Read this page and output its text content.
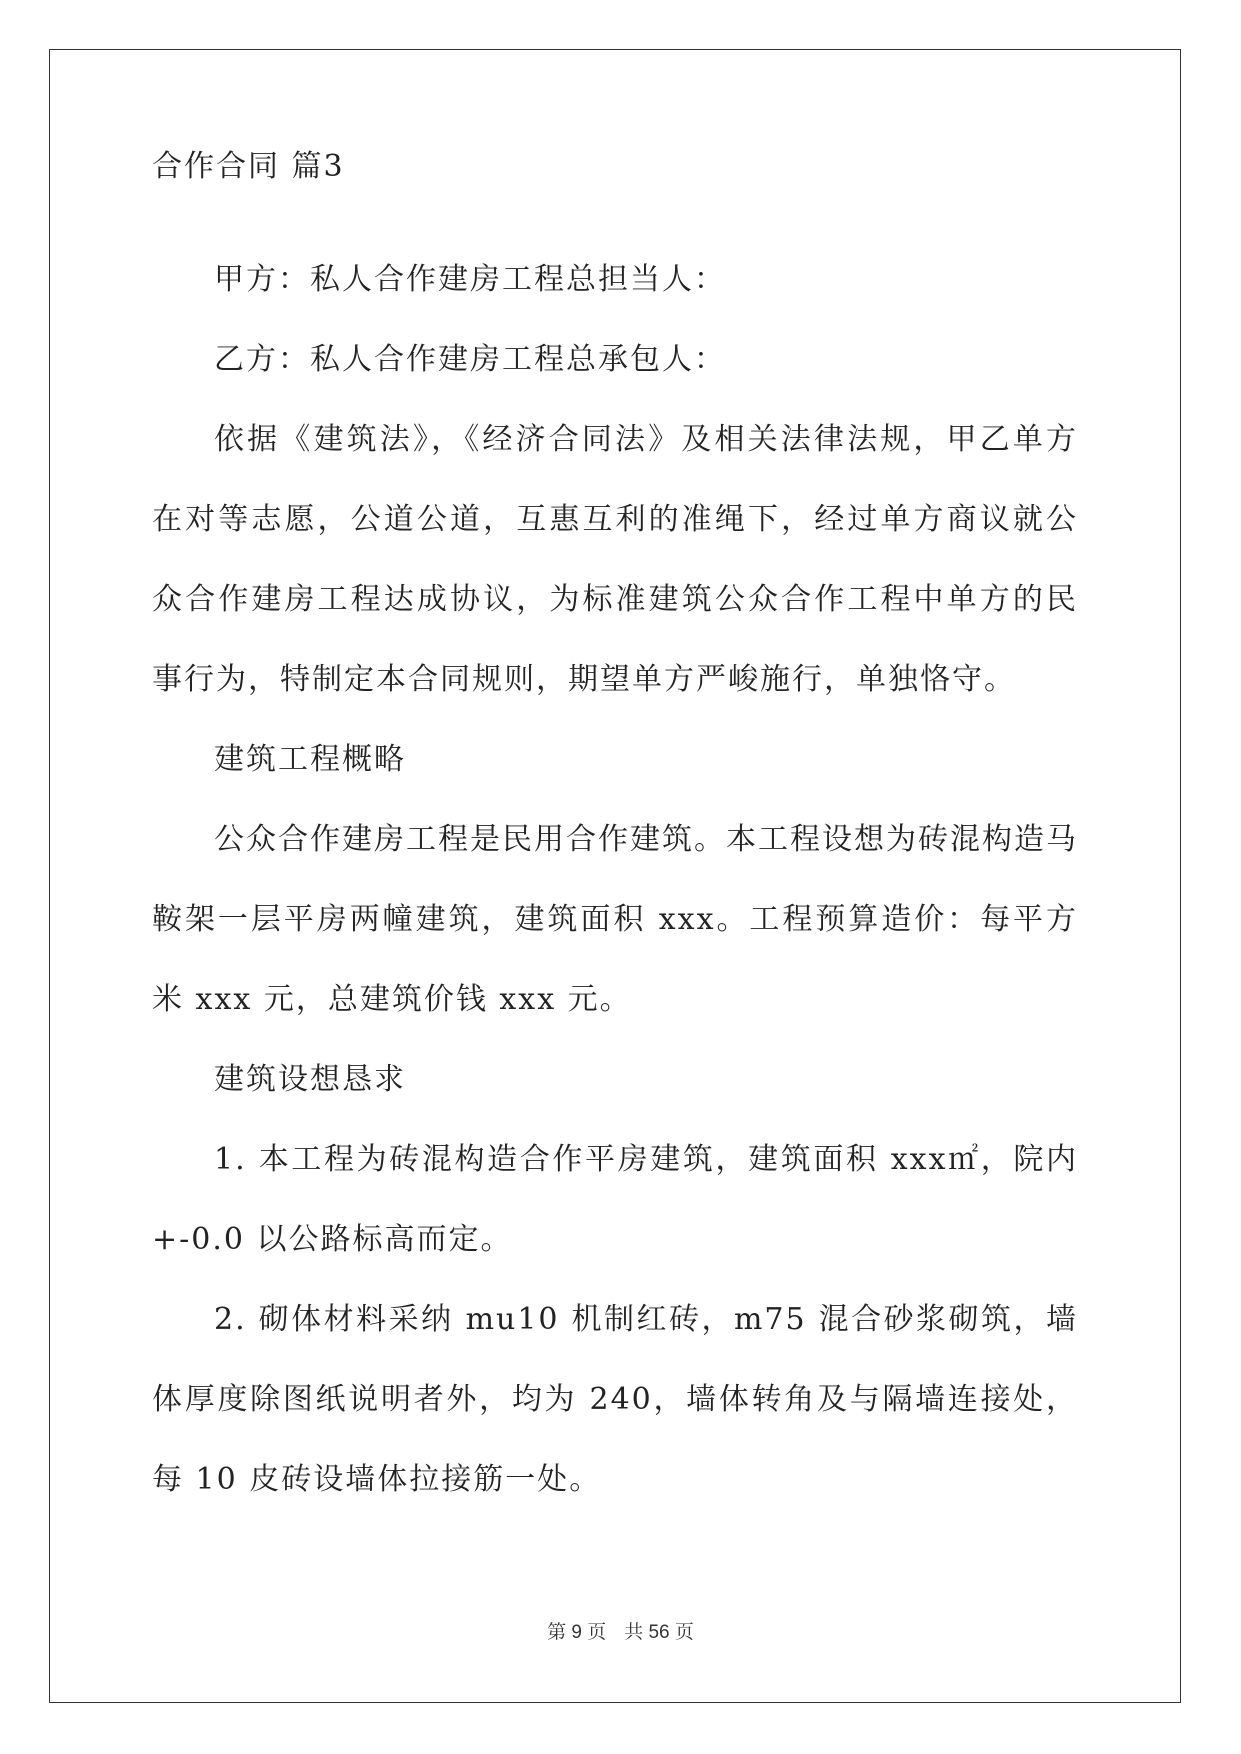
合作合同 篇3

甲方：私人合作建房工程总担当人：

乙方：私人合作建房工程总承包人：

依据《建筑法》，《经济合同法》及相关法律法规，甲乙单方在对等志愿，公道公道，互惠互利的准绳下，经过单方商议就公众合作建房工程达成协议，为标准建筑公众合作工程中单方的民事行为，特制定本合同规则，期望单方严峻施行，单独恪守。

建筑工程概略

公众合作建房工程是民用合作建筑。本工程设想为砖混构造马鞍架一层平房两幢建筑，建筑面积 xxx。工程预算造价：每平方米 xxx 元，总建筑价钱 xxx 元。

建筑设想恳求

1. 本工程为砖混构造合作平房建筑，建筑面积 xxx㎡，院内+-0.0 以公路标高而定。

2. 砌体材料采纳 mu10 机制红砖，m75 混合砂浆砌筑，墙体厚度除图纸说明者外，均为 240，墙体转角及与隔墙连接处，每 10 皮砖设墙体拉接筋一处。

第 9 页 共 56 页
